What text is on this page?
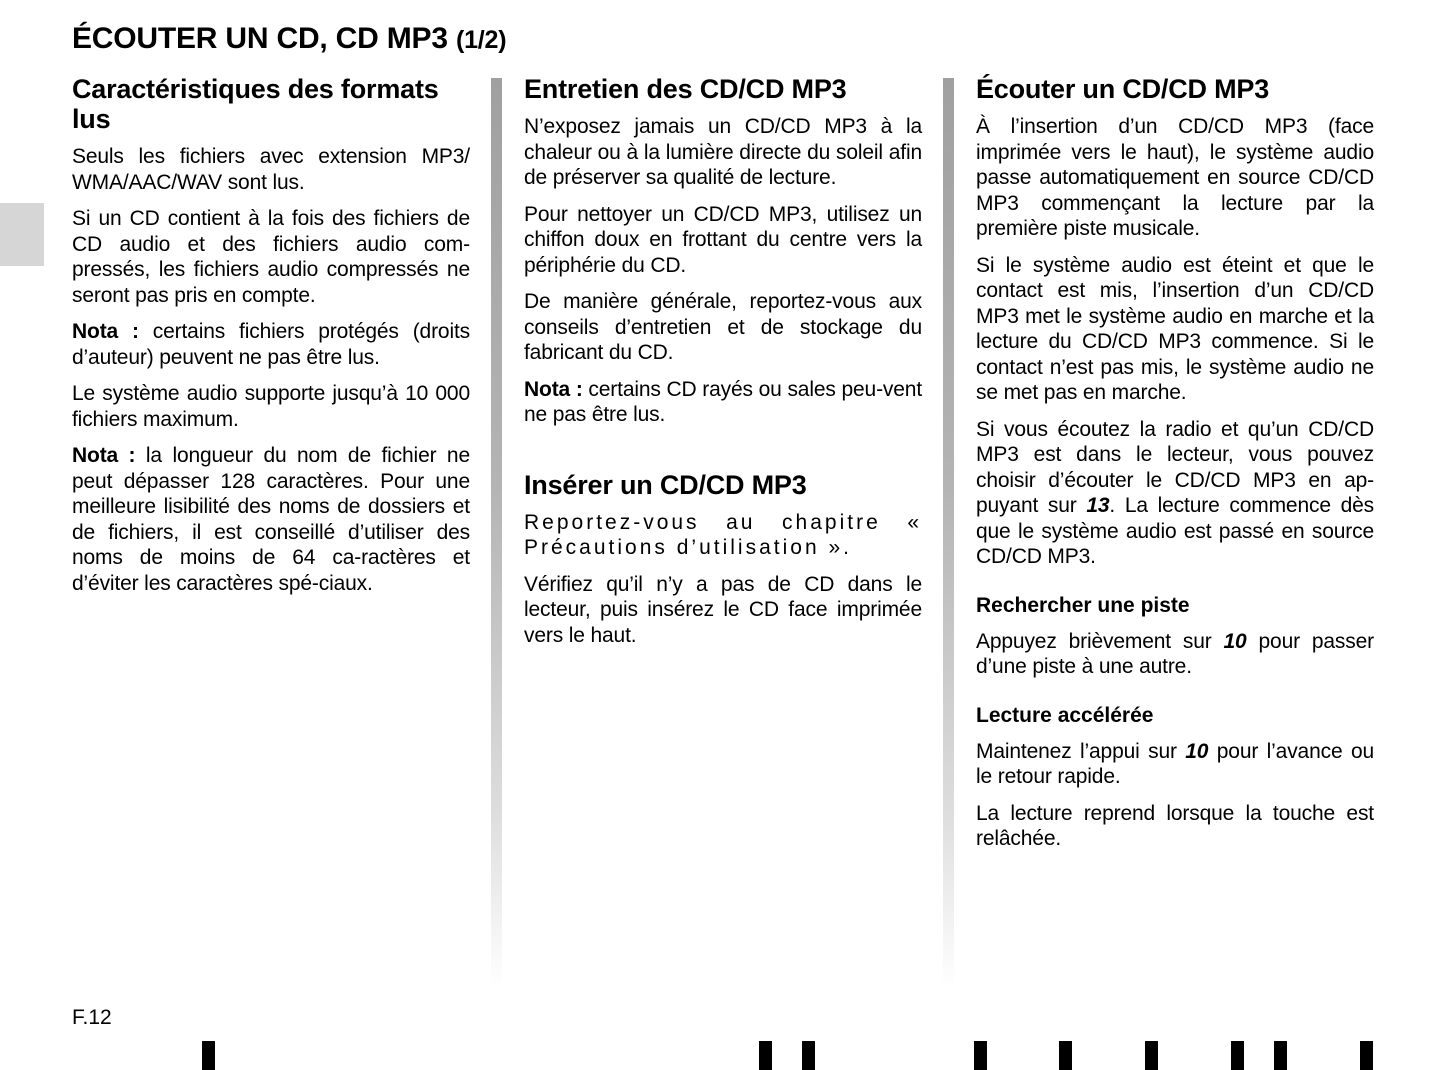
ÉCOUTER UN CD, CD MP3 (1/2)
Caractéristiques des formats lus

Seuls les fichiers avec extension MP3/ WMA/AAC/WAV sont lus.

Si un CD contient à la fois des fichiers de CD audio et des fichiers audio com-pressés, les fichiers audio compressés ne seront pas pris en compte.

Nota : certains fichiers protégés (droits d’auteur) peuvent ne pas être lus.

Le système audio supporte jusqu’à 10 000 fichiers maximum.

Nota : la longueur du nom de fichier ne peut dépasser 128 caractères. Pour une meilleure lisibilité des noms de dossiers et de fichiers, il est conseillé d’utiliser des noms de moins de 64 ca-ractères et d’éviter les caractères spé-ciaux.

Entretien des CD/CD MP3

N’exposez jamais un CD/CD MP3 à la chaleur ou à la lumière directe du soleil afin de préserver sa qualité de lecture.

Pour nettoyer un CD/CD MP3, utilisez un chiffon doux en frottant du centre vers la périphérie du CD.

De manière générale, reportez-vous aux conseils d’entretien et de stockage du fabricant du CD.

Nota : certains CD rayés ou sales peu-vent ne pas être lus.

Insérer un CD/CD MP3

Reportez-vous au chapitre « Précautions d’utilisation ».

Vérifiez qu’il n’y a pas de CD dans le lecteur, puis insérez le CD face imprimée vers le haut.

Écouter un CD/CD MP3

À l’insertion d’un CD/CD MP3 (face imprimée vers le haut), le système audio passe automatiquement en source CD/CD MP3 commençant la lecture par la première piste musicale.

Si le système audio est éteint et que le contact est mis, l’insertion d’un CD/CD MP3 met le système audio en marche et la lecture du CD/CD MP3 commence. Si le contact n’est pas mis, le système audio ne se met pas en marche.

Si vous écoutez la radio et qu’un CD/CD MP3 est dans le lecteur, vous pouvez choisir d’écouter le CD/CD MP3 en ap-puyant sur 13. La lecture commence dès que le système audio est passé en source CD/CD MP3.

Rechercher une piste

Appuyez brièvement sur 10 pour passer d’une piste à une autre.

Lecture accélérée

Maintenez l’appui sur 10 pour l’avance ou le retour rapide.

La lecture reprend lorsque la touche est relâchée.

F.12
